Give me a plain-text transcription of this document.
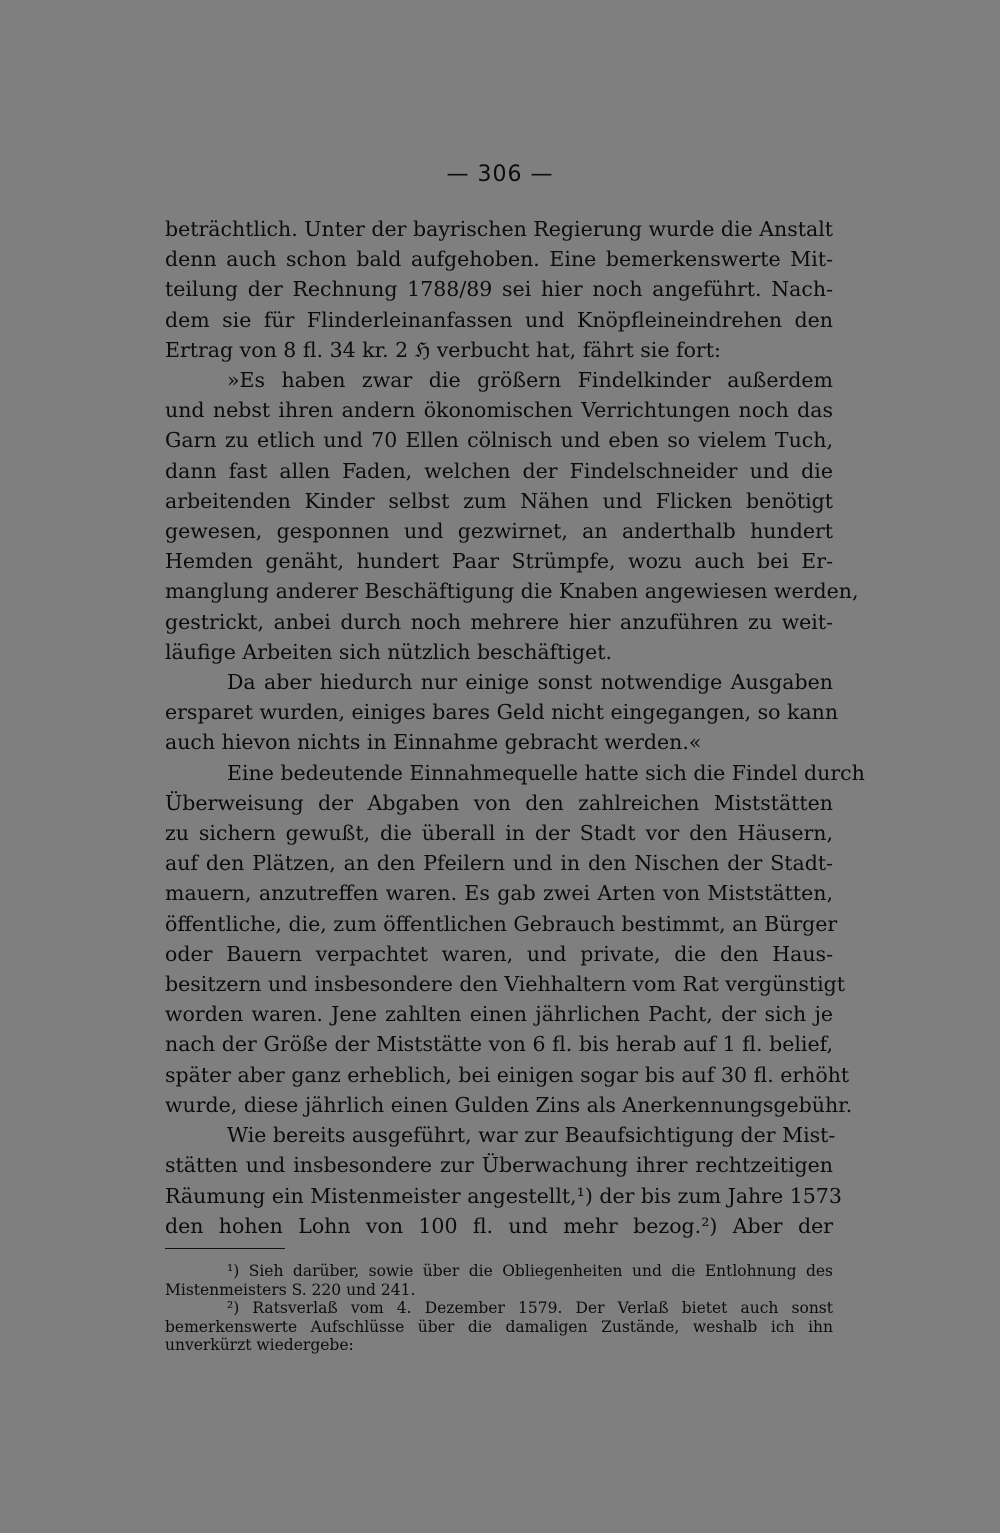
— 306 —
beträchtlich. Unter der bayrischen Regierung wurde die Anstalt
denn auch schon bald aufgehoben. Eine bemerkenswerte Mit-
teilung der Rechnung 1788/89 sei hier noch angeführt. Nach-
dem sie für Flinderleinanfassen und Knöpfleineindrehen den
Ertrag von 8 fl. 34 kr. 2 ℌ verbucht hat, fährt sie fort:
»Es haben zwar die größern Findelkinder außerdem
und nebst ihren andern ökonomischen Verrichtungen noch das
Garn zu etlich und 70 Ellen cölnisch und eben so vielem Tuch,
dann fast allen Faden, welchen der Findelschneider und die
arbeitenden Kinder selbst zum Nähen und Flicken benötigt
gewesen, gesponnen und gezwirnet, an anderthalb hundert
Hemden genäht, hundert Paar Strümpfe, wozu auch bei Er-
manglung anderer Beschäftigung die Knaben angewiesen werden,
gestrickt, anbei durch noch mehrere hier anzuführen zu weit-
läufige Arbeiten sich nützlich beschäftiget.
Da aber hiedurch nur einige sonst notwendige Ausgaben
ersparet wurden, einiges bares Geld nicht eingegangen, so kann
auch hievon nichts in Einnahme gebracht werden.«
Eine bedeutende Einnahmequelle hatte sich die Findel durch
Überweisung der Abgaben von den zahlreichen Miststätten
zu sichern gewußt, die überall in der Stadt vor den Häusern,
auf den Plätzen, an den Pfeilern und in den Nischen der Stadt-
mauern, anzutreffen waren. Es gab zwei Arten von Miststätten,
öffentliche, die, zum öffentlichen Gebrauch bestimmt, an Bürger
oder Bauern verpachtet waren, und private, die den Haus-
besitzern und insbesondere den Viehhaltern vom Rat vergünstigt
worden waren. Jene zahlten einen jährlichen Pacht, der sich je
nach der Größe der Miststätte von 6 fl. bis herab auf 1 fl. belief,
später aber ganz erheblich, bei einigen sogar bis auf 30 fl. erhöht
wurde, diese jährlich einen Gulden Zins als Anerkennungsgebühr.
Wie bereits ausgeführt, war zur Beaufsichtigung der Mist-
stätten und insbesondere zur Überwachung ihrer rechtzeitigen
Räumung ein Mistenmeister angestellt,¹) der bis zum Jahre 1573
den hohen Lohn von 100 fl. und mehr bezog.²) Aber der
¹) Sieh darüber, sowie über die Obliegenheiten und die Entlohnung des
Mistenmeisters S. 220 und 241.
²) Ratsverlaß vom 4. Dezember 1579. Der Verlaß bietet auch sonst
bemerkenswerte Aufschlüsse über die damaligen Zustände, weshalb ich ihn
unverkürzt wiedergebe:
